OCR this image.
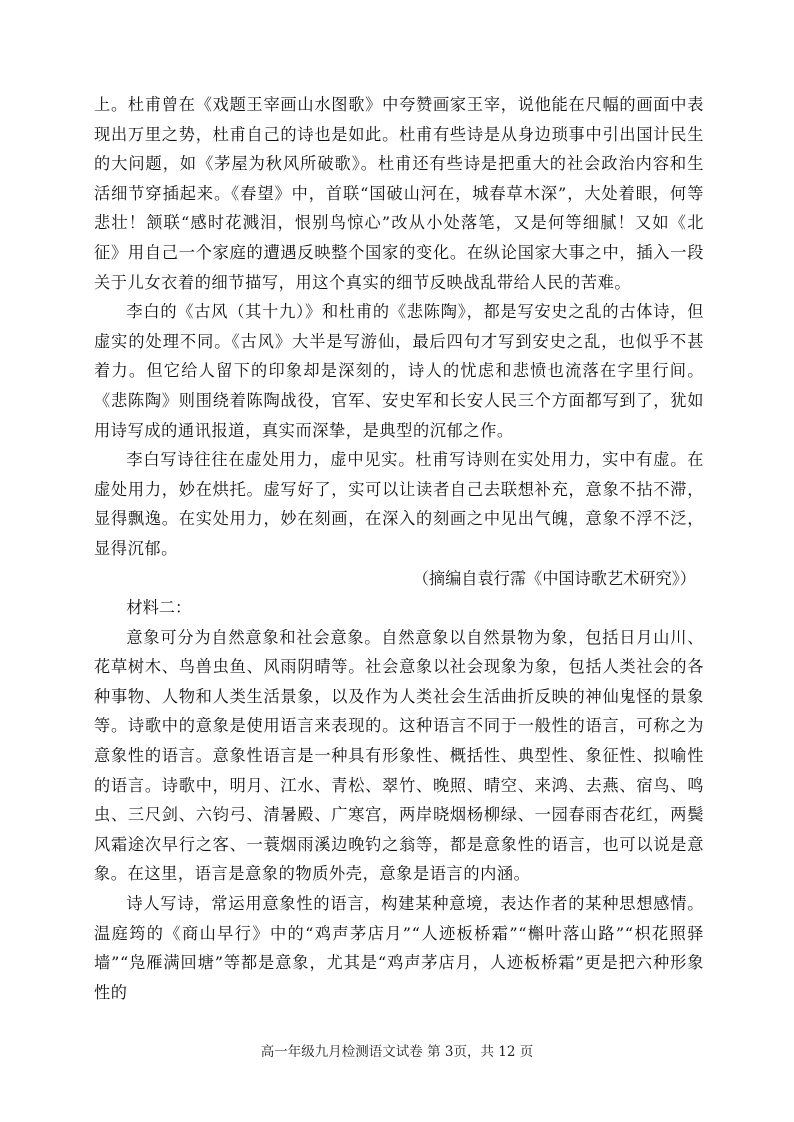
上。杜甫曾在《戏题王宰画山水图歌》中夸赞画家王宰，说他能在尺幅的画面中表现出万里之势，杜甫自己的诗也是如此。杜甫有些诗是从身边琐事中引出国计民生的大问题，如《茅屋为秋风所破歌》。杜甫还有些诗是把重大的社会政治内容和生活细节穿插起来。《春望》中，首联“国破山河在，城春草木深”，大处着眼，何等悲壮！颔联“感时花溅泪，恨别鸟惊心”改从小处落笔，又是何等细腻！又如《北征》用自己一个家庭的遭遇反映整个国家的变化。在纵论国家大事之中，插入一段关于儿女衣着的细节描写，用这个真实的细节反映战乱带给人民的苦难。

李白的《古风（其十九）》和杜甫的《悲陈陶》，都是写安史之乱的古体诗，但虚实的处理不同。《古风》大半是写游仙，最后四句才写到安史之乱，也似乎不甚着力。但它给人留下的印象却是深刻的，诗人的忧虑和悲愤也流落在字里行间。《悲陈陶》则围绕着陈陶战役，官军、安史军和长安人民三个方面都写到了，犹如用诗写成的通讯报道，真实而深挚，是典型的沉郁之作。

李白写诗往往在虚处用力，虚中见实。杜甫写诗则在实处用力，实中有虚。在虚处用力，妙在烘托。虚写好了，实可以让读者自己去联想补充，意象不拈不滞，显得飘逸。在实处用力，妙在刻画，在深入的刻画之中见出气魄，意象不浮不泛，显得沉郁。

（摘编自袁行霈《中国诗歌艺术研究》）

材料二：

意象可分为自然意象和社会意象。自然意象以自然景物为象，包括日月山川、花草树木、鸟兽虫鱼、风雨阴晴等。社会意象以社会现象为象，包括人类社会的各种事物、人物和人类生活景象，以及作为人类社会生活曲折反映的神仙鬼怪的景象等。诗歌中的意象是使用语言来表现的。这种语言不同于一般性的语言，可称之为意象性的语言。意象性语言是一种具有形象性、概括性、典型性、象征性、拟喻性的语言。诗歌中，明月、江水、青松、翠竹、晚照、晴空、来鸿、去燕、宿鸟、鸣虫、三尺剑、六钧弓、清暑殿、广寒宫，两岸晓烟杨柳绿、一园春雨杏花红，两鬓风霜途次早行之客、一蓑烟雨溪边晚钓之翁等，都是意象性的语言，也可以说是意象。在这里，语言是意象的物质外壳，意象是语言的内涵。

诗人写诗，常运用意象性的语言，构建某种意境，表达作者的某种思想感情。温庭筠的《商山早行》中的“鸡声茅店月”“人迹板桥霜”“槲叶落山路”“枳花照驿墙”“凫雁满回塘”等都是意象，尤其是“鸡声茅店月，人迹板桥霜”更是把六种形象性的

高一年级九月检测语文试卷 第 3页，共 12 页
